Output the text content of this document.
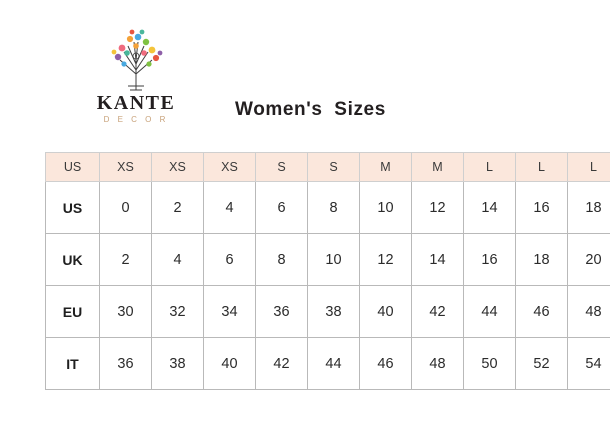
KANTE
D E C O R	Women's  Sizes
US	XS	XS	XS	S	S	M	M	L	L	L
US	0	2	4	6	8	10	12	14	16	18
UK	2	4	6	8	10	12	14	16	18	20
EU	30	32	34	36	38	40	42	44	46	48
IT	36	38	40	42	44	46	48	50	52	54
